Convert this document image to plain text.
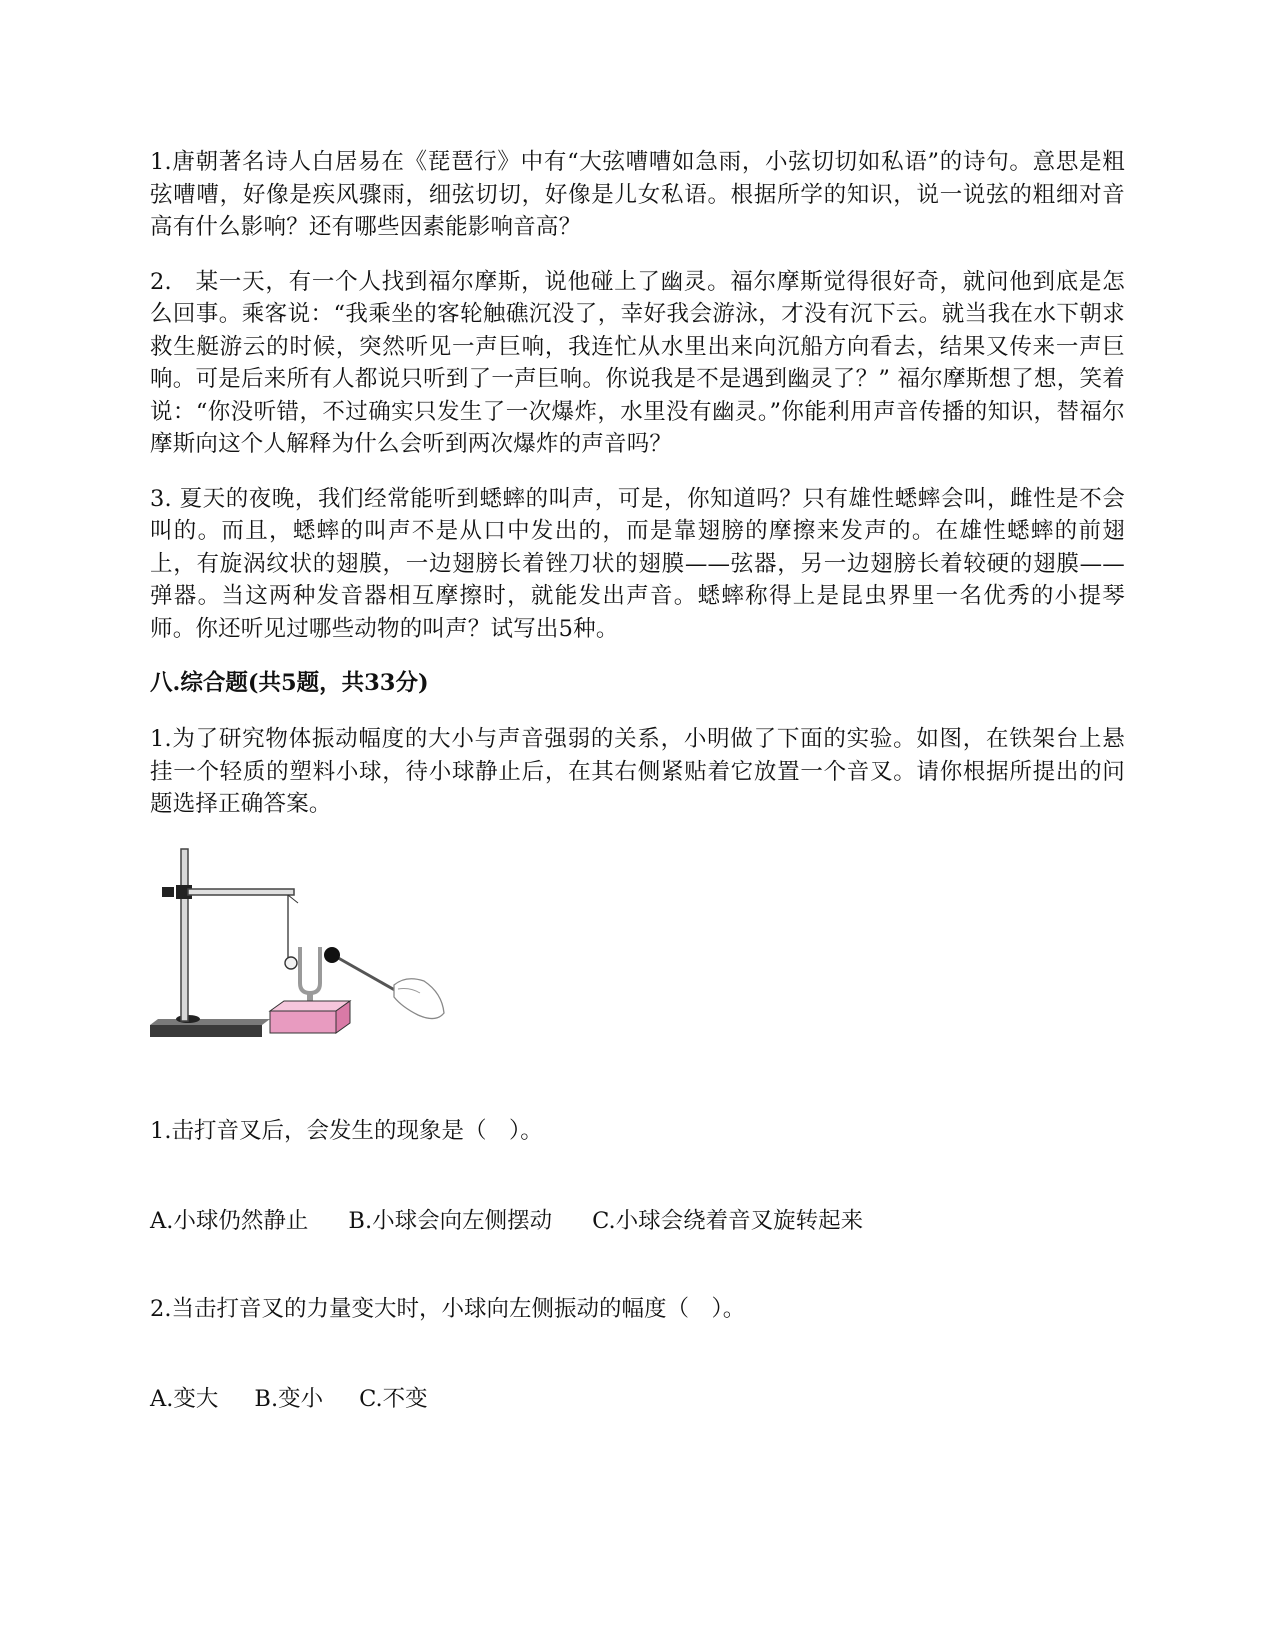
1.唐朝著名诗人白居易在《琵琶行》中有“大弦嘈嘈如急雨，小弦切切如私语”的诗句。意思是粗弦嘈嘈，好像是疾风骤雨，细弦切切，好像是儿女私语。根据所学的知识，说一说弦的粗细对音高有什么影响？还有哪些因素能影响音高？

2.　某一天，有一个人找到福尔摩斯，说他碰上了幽灵。福尔摩斯觉得很好奇，就问他到底是怎么回事。乘客说：“我乘坐的客轮触礁沉没了，幸好我会游泳，才没有沉下云。就当我在水下朝求救生艇游云的时候，突然听见一声巨响，我连忙从水里出来向沉船方向看去，结果又传来一声巨响。可是后来所有人都说只听到了一声巨响。你说我是不是遇到幽灵了？” 福尔摩斯想了想，笑着说：“你没听错，不过确实只发生了一次爆炸，水里没有幽灵。”你能利用声音传播的知识，替福尔摩斯向这个人解释为什么会听到两次爆炸的声音吗？

3. 夏天的夜晚，我们经常能听到蟋蟀的叫声，可是，你知道吗？只有雄性蟋蟀会叫，雌性是不会叫的。而且，蟋蟀的叫声不是从口中发出的，而是靠翅膀的摩擦来发声的。在雄性蟋蟀的前翅上，有旋涡纹状的翅膜，一边翅膀长着锉刀状的翅膜——弦器，另一边翅膀长着较硬的翅膜——弹器。当这两种发音器相互摩擦时，就能发出声音。蟋蟀称得上是昆虫界里一名优秀的小提琴师。你还听见过哪些动物的叫声？试写出5种。

八.综合题(共5题，共33分)

1.为了研究物体振动幅度的大小与声音强弱的关系，小明做了下面的实验。如图，在铁架台上悬挂一个轻质的塑料小球，待小球静止后，在其右侧紧贴着它放置一个音叉。请你根据所提出的问题选择正确答案。

1.击打音叉后，会发生的现象是（　）。

A.小球仍然静止 B.小球会向左侧摆动 C.小球会绕着音叉旋转起来

2.当击打音叉的力量变大时，小球向左侧振动的幅度（　）。

A.变大 B.变小 C.不变
